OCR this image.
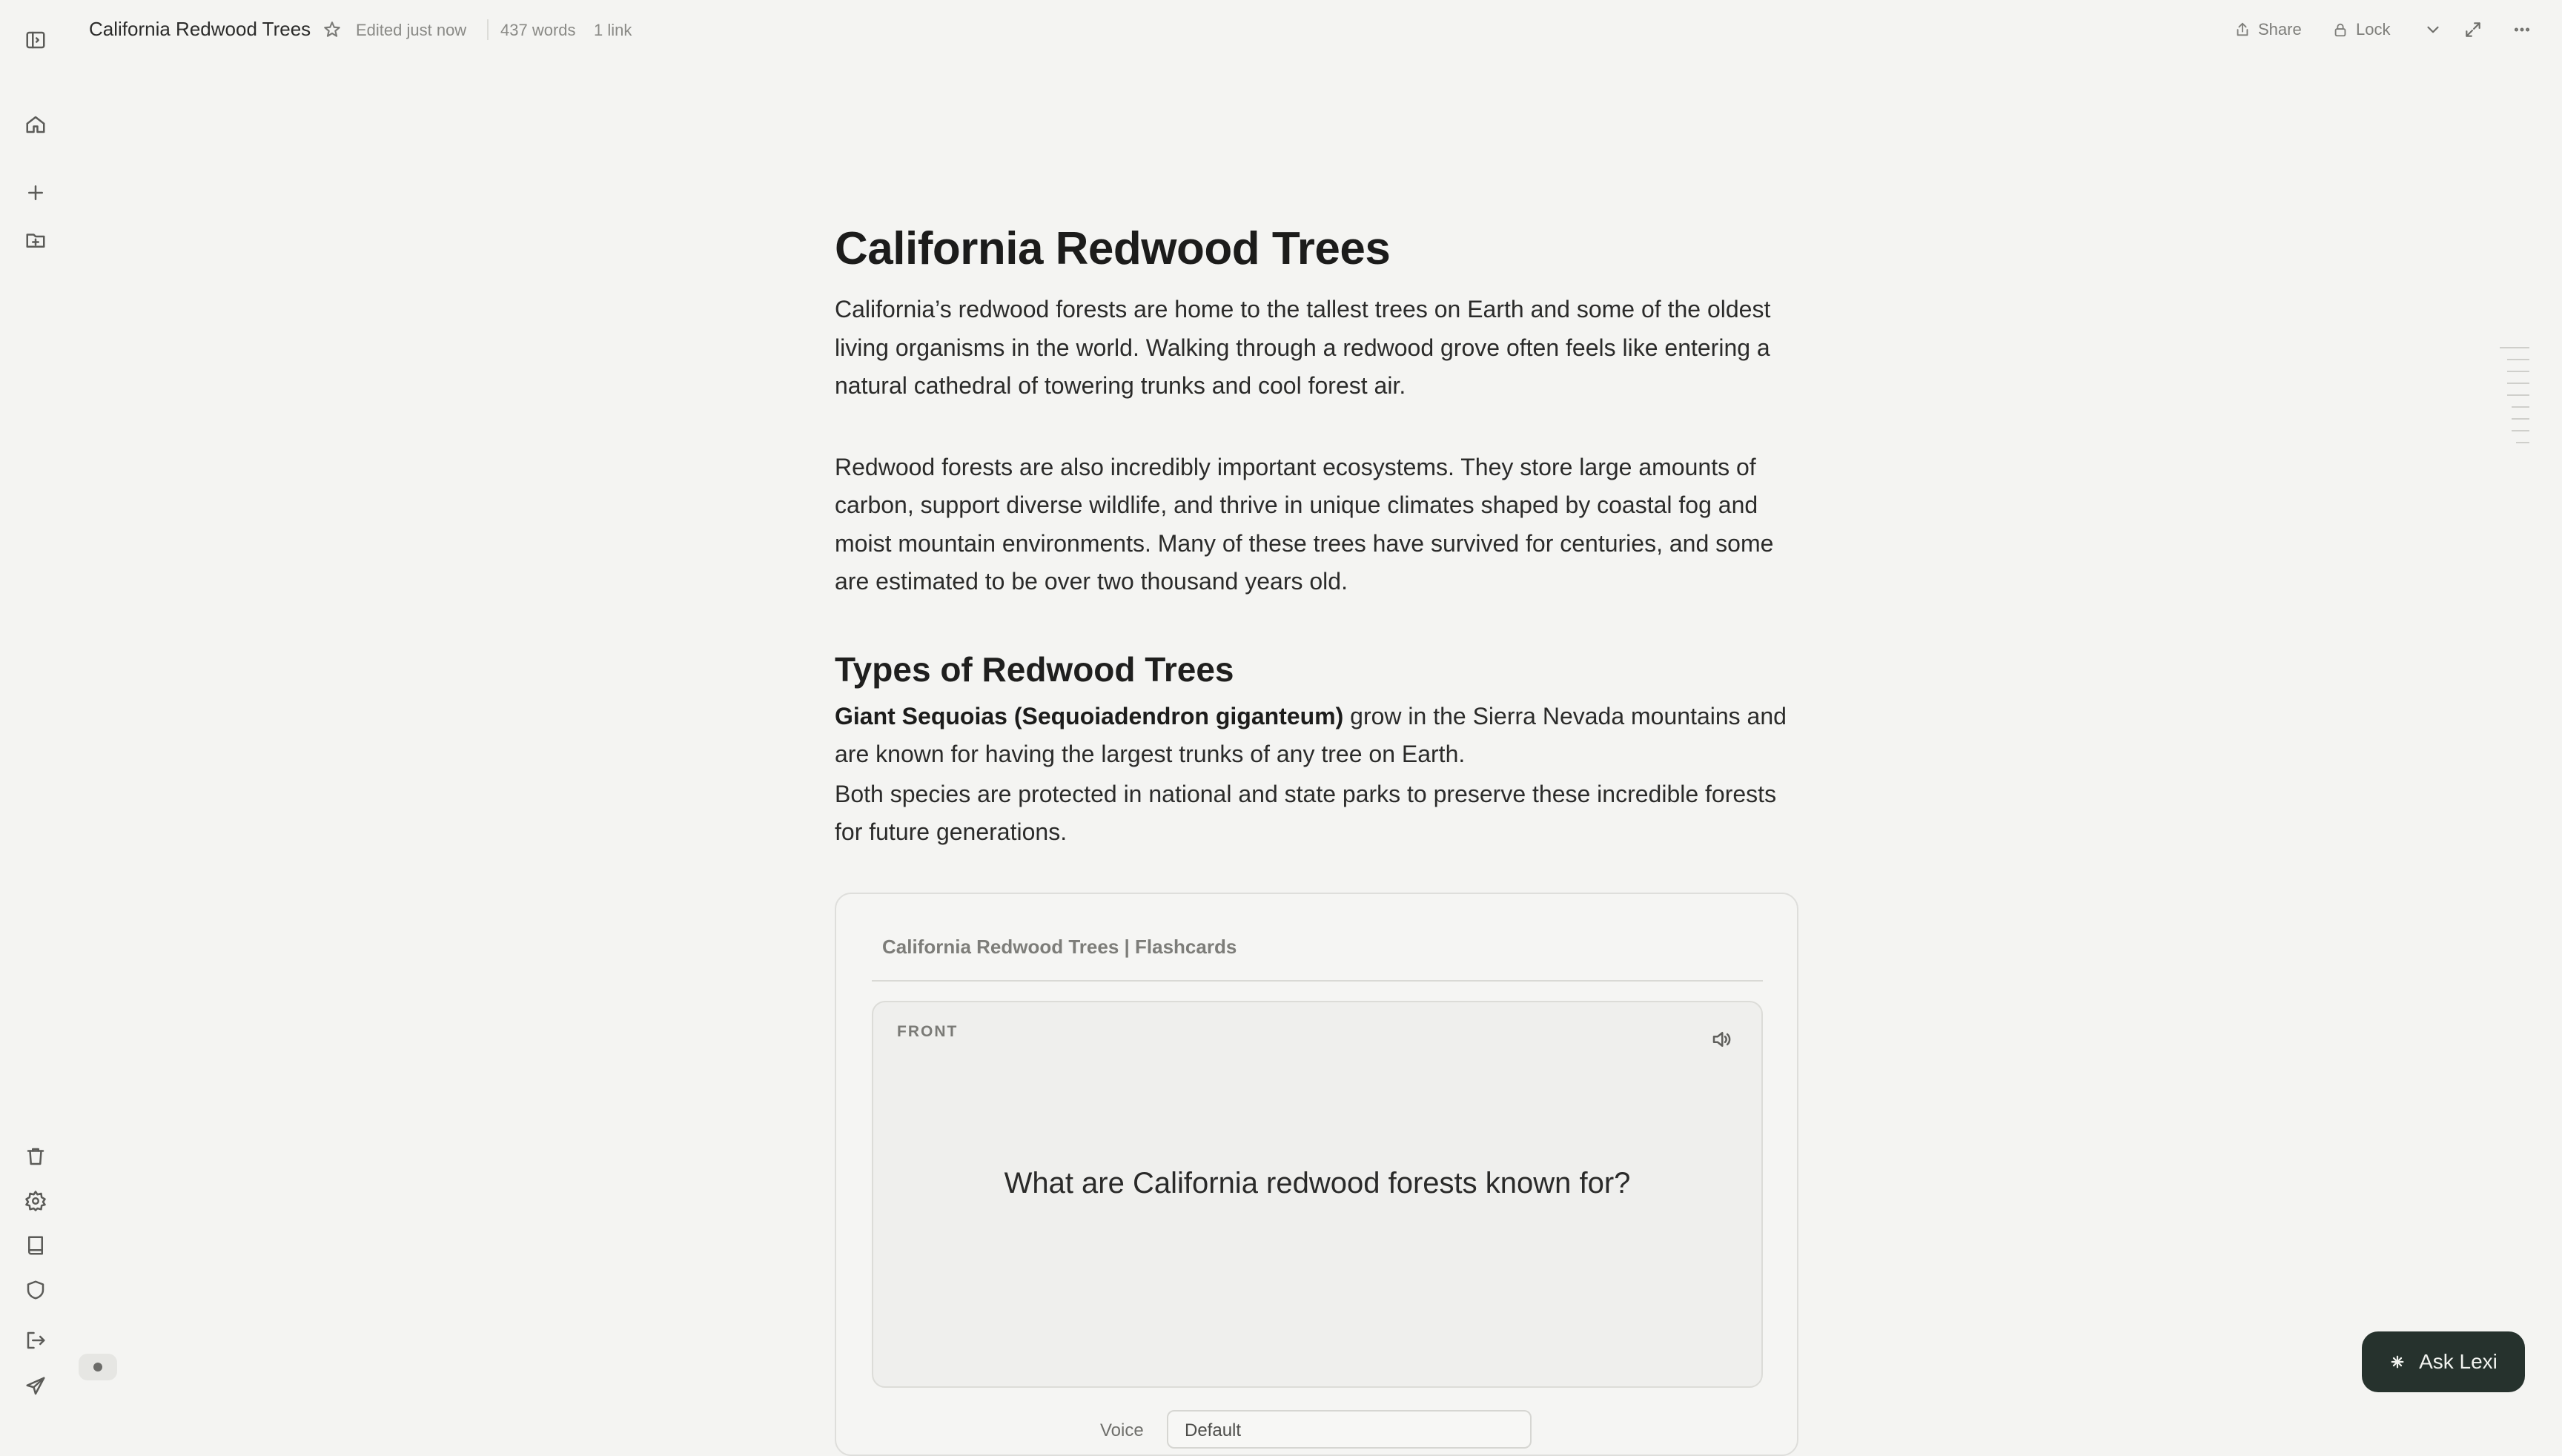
California Redwood Trees	Edited just now 437 words 1 link	Share	Lock
California Redwood Trees

California’s redwood forests are home to the tallest trees on Earth and some of the oldest living organisms in the world. Walking through a redwood grove often feels like entering a natural cathedral of towering trunks and cool forest air.

Redwood forests are also incredibly important ecosystems. They store large amounts of carbon, support diverse wildlife, and thrive in unique climates shaped by coastal fog and moist mountain environments. Many of these trees have survived for centuries, and some are estimated to be over two thousand years old.

Types of Redwood Trees

Giant Sequoias (Sequoiadendron giganteum) grow in the Sierra Nevada mountains and are known for having the largest trunks of any tree on Earth.

Both species are protected in national and state parks to preserve these incredible forests for future generations.

California Redwood Trees | Flashcards
FRONT
What are California redwood forests known for?
Voice	Default
Ask Lexi
